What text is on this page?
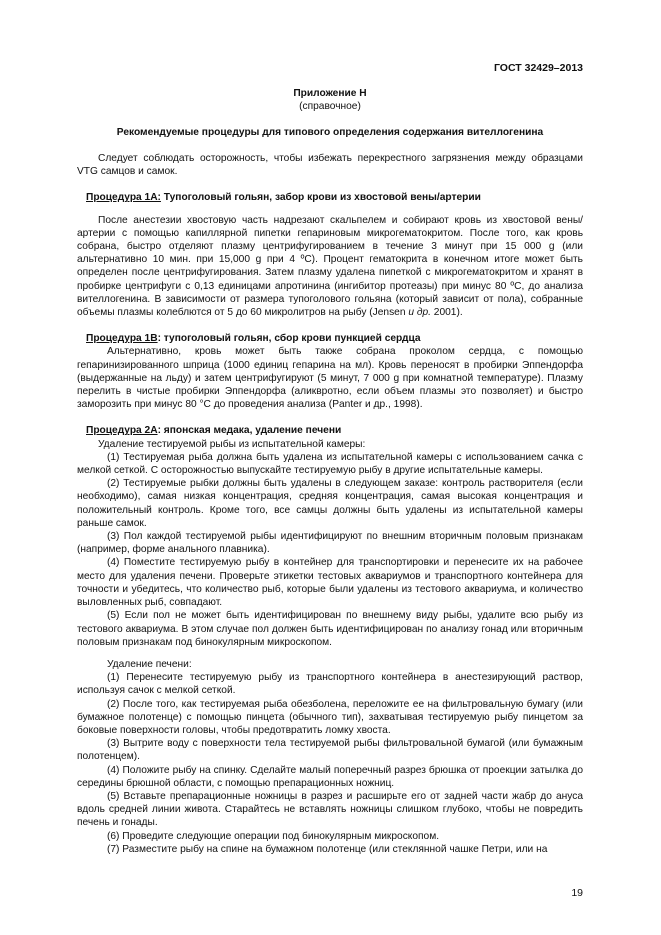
ГОСТ 32429–2013
Приложение Н
(справочное)
Рекомендуемые процедуры для типового определения содержания вителлогенина

Следует соблюдать осторожность, чтобы избежать перекрестного загрязнения между образцами VTG самцов и самок.

Процедура 1А: Тупоголовый гольян, забор крови из хвостовой вены/артерии

После анестезии хвостовую часть надрезают скальпелем и собирают кровь из хвостовой вены/артерии с помощью капиллярной пипетки гепариновым микрогематокритом. После того, как кровь собрана, быстро отделяют плазму центрифугированием в течение 3 минут при 15 000 g (или альтернативно 10 мин. при 15,000 g при 4 ºC). Процент гематокрита в конечном итоге может быть определен после центрифугирования. Затем плазму удалена пипеткой с микрогематокритом и хранят в пробирке центрифуги с 0,13 единицами апротинина (ингибитор протеазы) при минус 80 ºC, до анализа вителлогенина. В зависимости от размера тупоголового гольяна (который зависит от пола), собранные объемы плазмы колеблются от 5 до 60 микролитров на рыбу (Jensen и др. 2001).

Процедура 1В: тупоголовый гольян, сбор крови пункцией сердца

Альтернативно, кровь может быть также собрана проколом сердца, с помощью гепаринизированного шприца (1000 единиц гепарина на мл). Кровь переносят в пробирки Эппендорфа (выдержанные на льду) и затем центрифугируют (5 минут, 7 000 g при комнатной температуре). Плазму перелить в чистые пробирки Эппендорфа (аликвротно, если объем плазмы это позволяет) и быстро заморозить при минус 80 °C до проведения анализа (Panter и др., 1998).

Процедура 2А: японская медака, удаление печени

Удаление тестируемой рыбы из испытательной камеры:

(1) Тестируемая рыба должна быть удалена из испытательной камеры с использованием сачка с мелкой сеткой. С осторожностью выпускайте тестируемую рыбу в другие испытательные камеры.

(2) Тестируемые рыбки должны быть удалены в следующем заказе: контроль растворителя (если необходимо), самая низкая концентрация, средняя концентрация, самая высокая концентрация и положительный контроль. Кроме того, все самцы должны быть удалены из испытательной камеры раньше самок.

(3) Пол каждой тестируемой рыбы идентифицируют по внешним вторичным половым признакам (например, форме анального плавника).

(4) Поместите тестируемую рыбу в контейнер для транспортировки и перенесите их на рабочее место для удаления печени. Проверьте этикетки тестовых аквариумов и транспортного контейнера для точности и убедитесь, что количество рыб, которые были удалены из тестового аквариума, и количество выловленных рыб, совпадают.

(5) Если пол не может быть идентифицирован по внешнему виду рыбы, удалите всю рыбу из тестового аквариума. В этом случае пол должен быть идентифицирован по анализу гонад или вторичным половым признакам под бинокулярным микроскопом.

Удаление печени:

(1) Перенесите тестируемую рыбу из транспортного контейнера в анестезирующий раствор, используя сачок с мелкой сеткой.

(2) После того, как тестируемая рыба обезболена, переложите ее на фильтровальную бумагу (или бумажное полотенце) с помощью пинцета (обычного тип), захватывая тестируемую рыбу пинцетом за боковые поверхности головы, чтобы предотвратить ломку хвоста.

(3) Вытрите воду с поверхности тела тестируемой рыбы фильтровальной бумагой (или бумажным полотенцем).

(4) Положите рыбу на спинку. Сделайте малый поперечный разрез брюшка от проекции затылка до середины брюшной области, с помощью препарационных ножниц.

(5) Вставьте препарационные ножницы в разрез и расширьте его от задней части жабр до ануса вдоль средней линии живота. Старайтесь не вставлять ножницы слишком глубоко, чтобы не повредить печень и гонады.

(6) Проведите следующие операции под бинокулярным микроскопом.

(7) Разместите рыбу на спине на бумажном полотенце (или стеклянной чашке Петри, или на

19
